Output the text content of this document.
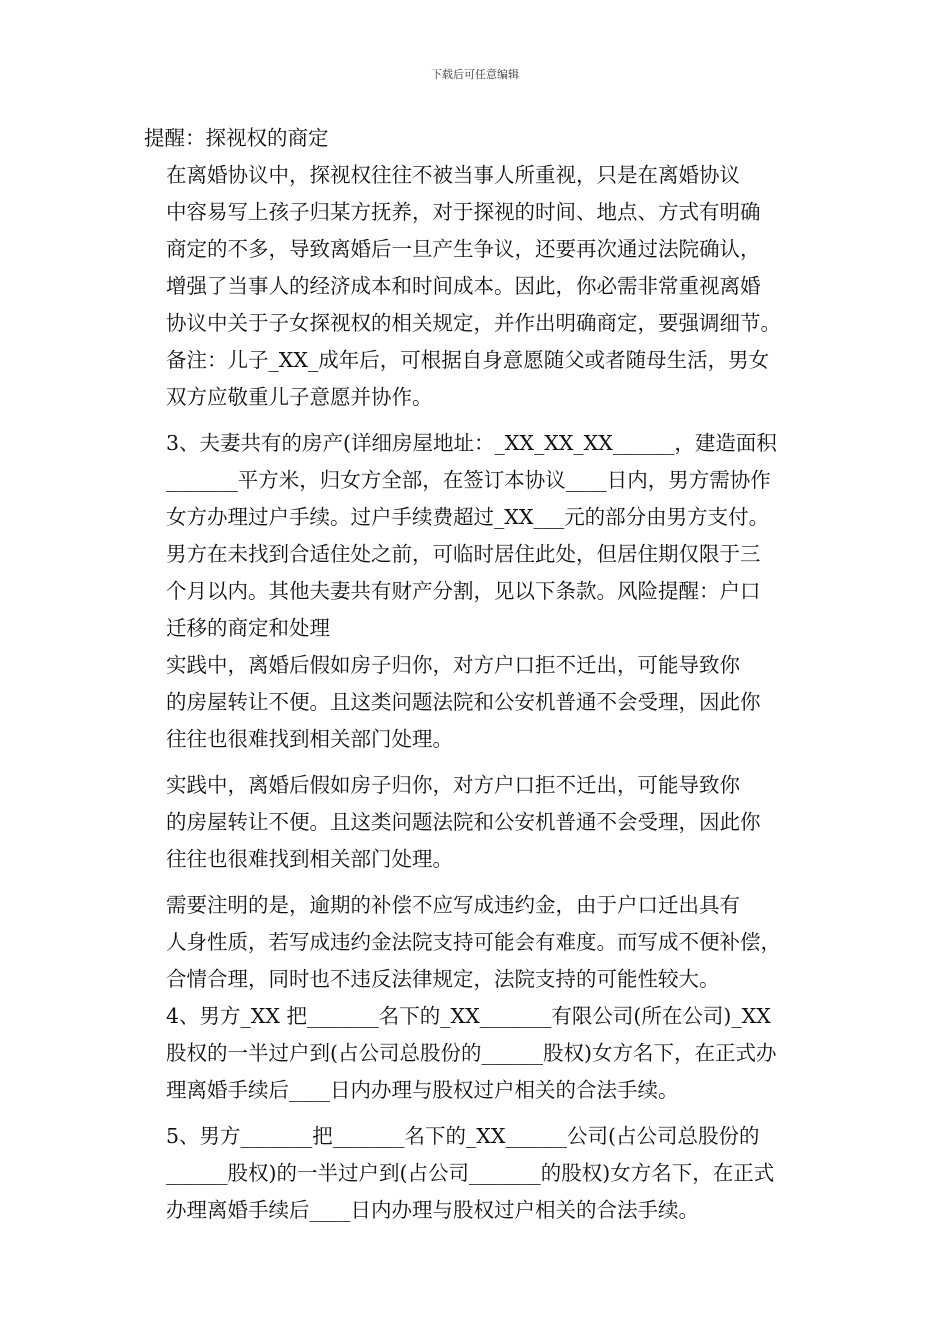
下载后可任意编辑

提醒：探视权的商定

在离婚协议中，探视权往往不被当事人所重视，只是在离婚协议
中容易写上孩子归某方抚养，对于探视的时间、地点、方式有明确
商定的不多，导致离婚后一旦产生争议，还要再次通过法院确认，
增强了当事人的经济成本和时间成本。因此，你必需非常重视离婚
协议中关于子女探视权的相关规定，并作出明确商定，要强调细节。
备注：儿子_XX_成年后，可根据自身意愿随父或者随母生活，男女
双方应敬重儿子意愿并协作。

3、夫妻共有的房产(详细房屋地址：_XX_XX_XX______，建造面积
_______平方米，归女方全部，在签订本协议____日内，男方需协作
女方办理过户手续。过户手续费超过_XX___元的部分由男方支付。
男方在未找到合适住处之前，可临时居住此处，但居住期仅限于三
个月以内。其他夫妻共有财产分割，见以下条款。风险提醒：户口
迁移的商定和处理

实践中，离婚后假如房子归你，对方户口拒不迁出，可能导致你
的房屋转让不便。且这类问题法院和公安机普通不会受理，因此你
往往也很难找到相关部门处理。

实践中，离婚后假如房子归你，对方户口拒不迁出，可能导致你
的房屋转让不便。且这类问题法院和公安机普通不会受理，因此你
往往也很难找到相关部门处理。

需要注明的是，逾期的补偿不应写成违约金，由于户口迁出具有
人身性质，若写成违约金法院支持可能会有难度。而写成不便补偿，
合情合理，同时也不违反法律规定，法院支持的可能性较大。

4、男方_XX 把_______名下的_XX_______有限公司(所在公司)_XX
股权的一半过户到(占公司总股份的______股权)女方名下，在正式办
理离婚手续后____日内办理与股权过户相关的合法手续。

5、男方_______把_______名下的_XX______公司(占公司总股份的
______股权)的一半过户到(占公司_______的股权)女方名下，在正式
办理离婚手续后____日内办理与股权过户相关的合法手续。
